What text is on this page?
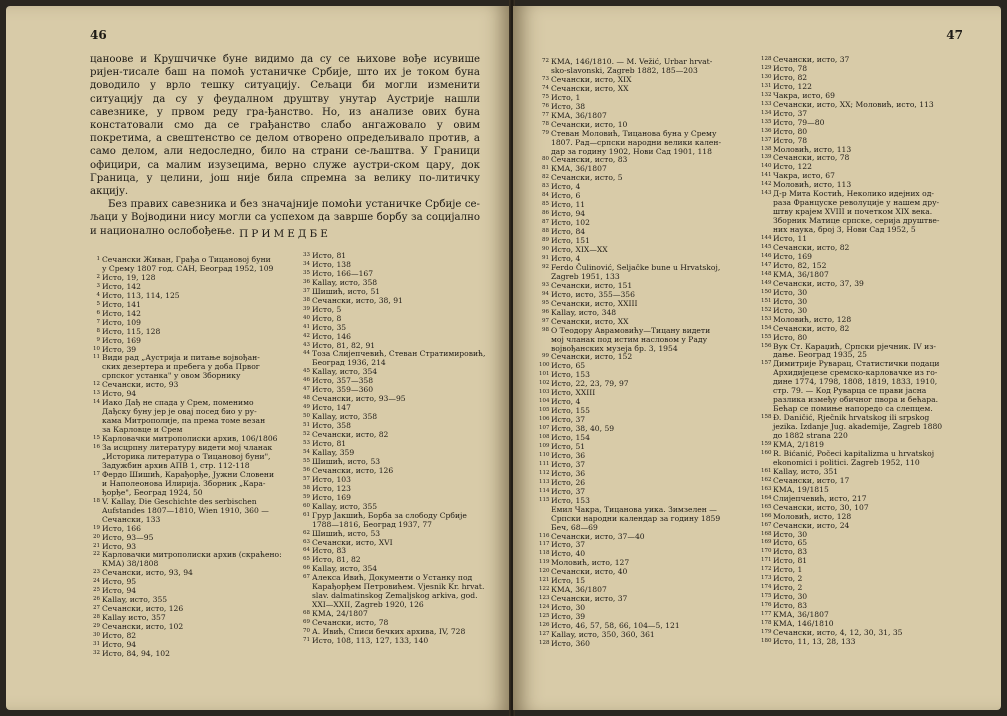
46

цаноове и Крушчичке буне видимо да су се њихове вође исувише ријен-тисале баш на помоћ устаничке Србије, што их је током буна доводило у врло тешку ситуацију. Сељаци би могли изменити ситуацију да су у феудалном друштву унутар Аустрије нашли савезнике, у првом реду гра-ђанство. Но, из анализе ових буна констатовали смо да се грађанство слабо ангажовало у овим покретима, а свештенство се делом отворено опредељивало против, а само делом, али недоследно, било на страни се-љаштва. У Граници официри, са малим изузецима, верно служе аустри-ском цару, док Граница, у целини, још није била спремна за велику по-литичку акцију.

Без правих савезника и без значајније помоћи устаничке Србије се-љаци у Војводини нису могли са успехом да заврше борбу за социјално и национално ослобођење. ПРИМЕДБЕ
1 Сечански Живан, Грађа о Тицановој буни
у Срему 1807 год. САН, Београд 1952, 109
2 Исто, 19, 128
3 Исто, 142
4 Исто, 113, 114, 125
5 Исто, 141
6 Исто, 142
7 Исто, 109
8 Исто, 115, 128
9 Исто, 169
10 Исто, 39
11 Види рад „Аустрија и питање војвођан-
ских дезертера и пребега у доба Првог
српског устанка" у овом Зборнику
12 Сечански, исто, 93
13 Исто, 94
14 Иако Дађ не спада у Срем, поменимо
Дађску буну јер је овај посед био у ру-
кама Митрополије, па према томе везан
за Карловце и Срем
15 Карловачки митрополиски архив, 106/1806
16 За исцрпну литературу видети мој чланак
„Историка литература о Тицановој буни",
Задужбин архив АПВ 1, стр. 112-118
17 Фердо Шишић, Карађорђе, Јужни Словени
и Наполеонова Илирија. Зборник „Кара-
ђорђе", Београд 1924, 50
18 V. Kallay, Die Geschichte des serbischen
Aufstandes 1807—1810, Wien 1910, 360 —
Сечански, 133
19 Исто, 166
20 Исто, 93—95
21 Исто, 93
22 Карловачки митрополиски архив (скраћено:
КМА) 38/1808
23 Сечански, исто, 93, 94
24 Исто, 95
25 Исто, 94
26 Kallay, исто, 355
27 Сечански, исто, 126
28 Kallay исто, 357
29 Сечански, исто, 102
30 Исто, 82
31 Исто, 94
32 Исто, 84, 94, 102
33 Исто, 81
34 Исто, 138
35 Исто, 166—167
36 Kallay, исто, 358
37 Шишић, исто, 51
38 Сечански, исто, 38, 91
39 Исто, 5
40 Исто, 8
41 Исто, 35
42 Исто, 146
43 Исто, 81, 82, 91
44 Тоза Слијепчевић, Стеван Стратимировић,
Београд 1936, 214
45 Kallay, исто, 354
46 Исто, 357—358
47 Исто, 359—360
48 Сечански, исто, 93—95
49 Исто, 147
50 Kallay, исто, 358
51 Исто, 358
52 Сечански, исто, 82
53 Исто, 81
54 Kallay, 359
55 Шишић, исто, 53
56 Сечански, исто, 126
57 Исто, 103
58 Исто, 123
59 Исто, 169
60 Kallay, исто, 355
61 Грур Јакшић, Борба за слободу Србије
1788—1816, Београд 1937, 77
62 Шишић, исто, 53
63 Сечански, исто, XVI
64 Исто, 83
65 Исто, 81, 82
66 Kallay, исто, 354
67 Алекса Ивић, Документи о Устанку под
Карађорђем Петровићем. Vjesnik Kr. hrvat.
slav. dalmatinskog Zemaljskog arkiva, god.
XXI—XXII, Zagreb 1920, 126
68 КМА, 24/1807
69 Сечански, исто, 78
70 А. Ивић, Спиcи бечких архива, IV, 728
71 Исто, 108, 113, 127, 133, 140
47
72 КМА, 146/1810. — M. Vežić, Urbar hrvat-
sko-slavonski, Zagreb 1882, 185—203
73 Сечански, исто, XIX
74 Сечански, исто, XX
75 Исто, 1
76 Исто, 38
77 КМА, 36/1807
78 Сечански, исто, 10
79 Стеван Моловић, Тицанова буна у Срему
1807. Рад—српски народни велики кален-
дар за годину 1902, Нови Сад 1901, 118
80 Сечански, исто, 83
81 КМА, 36/1807
82 Сечански, исто, 5
83 Исто, 4
84 Исто, 6
85 Исто, 11
86 Исто, 94
87 Исто, 102
88 Исто, 84
89 Исто, 151
90 Исто, XIX—XX
91 Исто, 4
92 Ferdo Čulinović, Seljačke bune u Hrvatskoj,
Zagreb 1951, 133
93 Сечански, исто, 151
94 Исто, исто, 355—356
95 Сечански, исто, XXIII
96 Kallay, исто, 348
97 Сечански, исто, XX
98 О Теодору Аврамовићу—Тицану видети
мој чланак под истим насловом у Раду
војвођанских музеја бр. 3, 1954
99 Сечански, исто, 152
100 Исто, 65
101 Исто, 153
102 Исто, 22, 23, 79, 97
103 Исто, XXIII
104 Исто, 4
105 Исто, 155
106 Исто, 37
107 Исто, 38, 40, 59
108 Исто, 154
109 Исто, 51
110 Исто, 36
111 Исто, 37
112 Исто, 36
113 Исто, 26
114 Исто, 37
115 Исто, 153
Емил Чакра, Тицанова уика. Зимзелен —
Српски народни календар за годину 1859
Беч, 68—69
116 Сечански, исто, 37—40
117 Исто, 37
118 Исто, 40
119 Моловић, исто, 127
120 Сечански, исто, 40
121 Исто, 15
122 КМА, 36/1807
123 Сечански, исто, 37
124 Исто, 30
125 Исто, 39
126 Исто, 46, 57, 58, 66, 104—5, 121
127 Kallay, исто, 350, 360, 361
128 Исто, 360
128 Сечански, исто, 37
129 Исто, 78
130 Исто, 82
131 Исто, 122
132 Чакра, исто, 69
133 Сечански, исто, XX; Моловић, исто, 113
134 Исто, 37
135 Исто, 79—80
136 Исто, 80
137 Исто, 78
138 Моловић, исто, 113
139 Сечански, исто, 78
140 Исто, 122
141 Чакра, исто, 67
142 Моловић, исто, 113
143 Д-р Мита Костић, Неколико идејних од-
раза Француске револуције у нашем дру-
штву крајем XVIII и почетком XIX века.
Зборник Матице српске, серија друштве-
них наука, број 3, Нови Сад 1952, 5
144 Исто, 11
145 Сечански, исто, 82
146 Исто, 169
147 Исто, 82, 152
148 КМА, 36/1807
149 Сечански, исто, 37, 39
150 Исто, 30
151 Исто, 30
152 Исто, 30
153 Моловић, исто, 128
154 Сечански, исто, 82
155 Исто, 80
156 Вук Ст. Караџић, Српски рјечник. IV из-
дање. Београд 1935, 25
157 Димитрије Руварац, Статистички подаци
Архидијецезе сремско-карловачке из го-
дине 1774, 1798, 1808, 1819, 1833, 1910,
стр. 79. — Код Руварца се прави јасна
разлика између обичног пвора и бећара.
Бећар се помиње напоредо са слепцем.
158 Đ. Daničić, Rječnik hrvatskog ili srpskog
jezika. Izdanje Jug. akademije, Zagreb 1880
до 1882 strana 220
159 КМА, 2/1819
160 R. Bićanić, Počeci kapitalizma u hrvatskoj
ekonomici i politici. Zagreb 1952, 110
161 Kallay, исто, 351
162 Сечански, исто, 17
163 КМА, 19/1815
164 Слијепчевић, исто, 217
165 Сечански, исто, 30, 107
166 Моловић, исто, 128
167 Сечански, исто, 24
168 Исто, 30
169 Исто, 65
170 Исто, 83
171 Исто, 81
172 Исто, 1
173 Исто, 2
174 Исто, 2
175 Исто, 30
176 Исто, 83
177 КМА, 36/1807
178 КМА, 146/1810
179 Сечански, исто, 4, 12, 30, 31, 35
180 Исто, 11, 13, 28, 133
